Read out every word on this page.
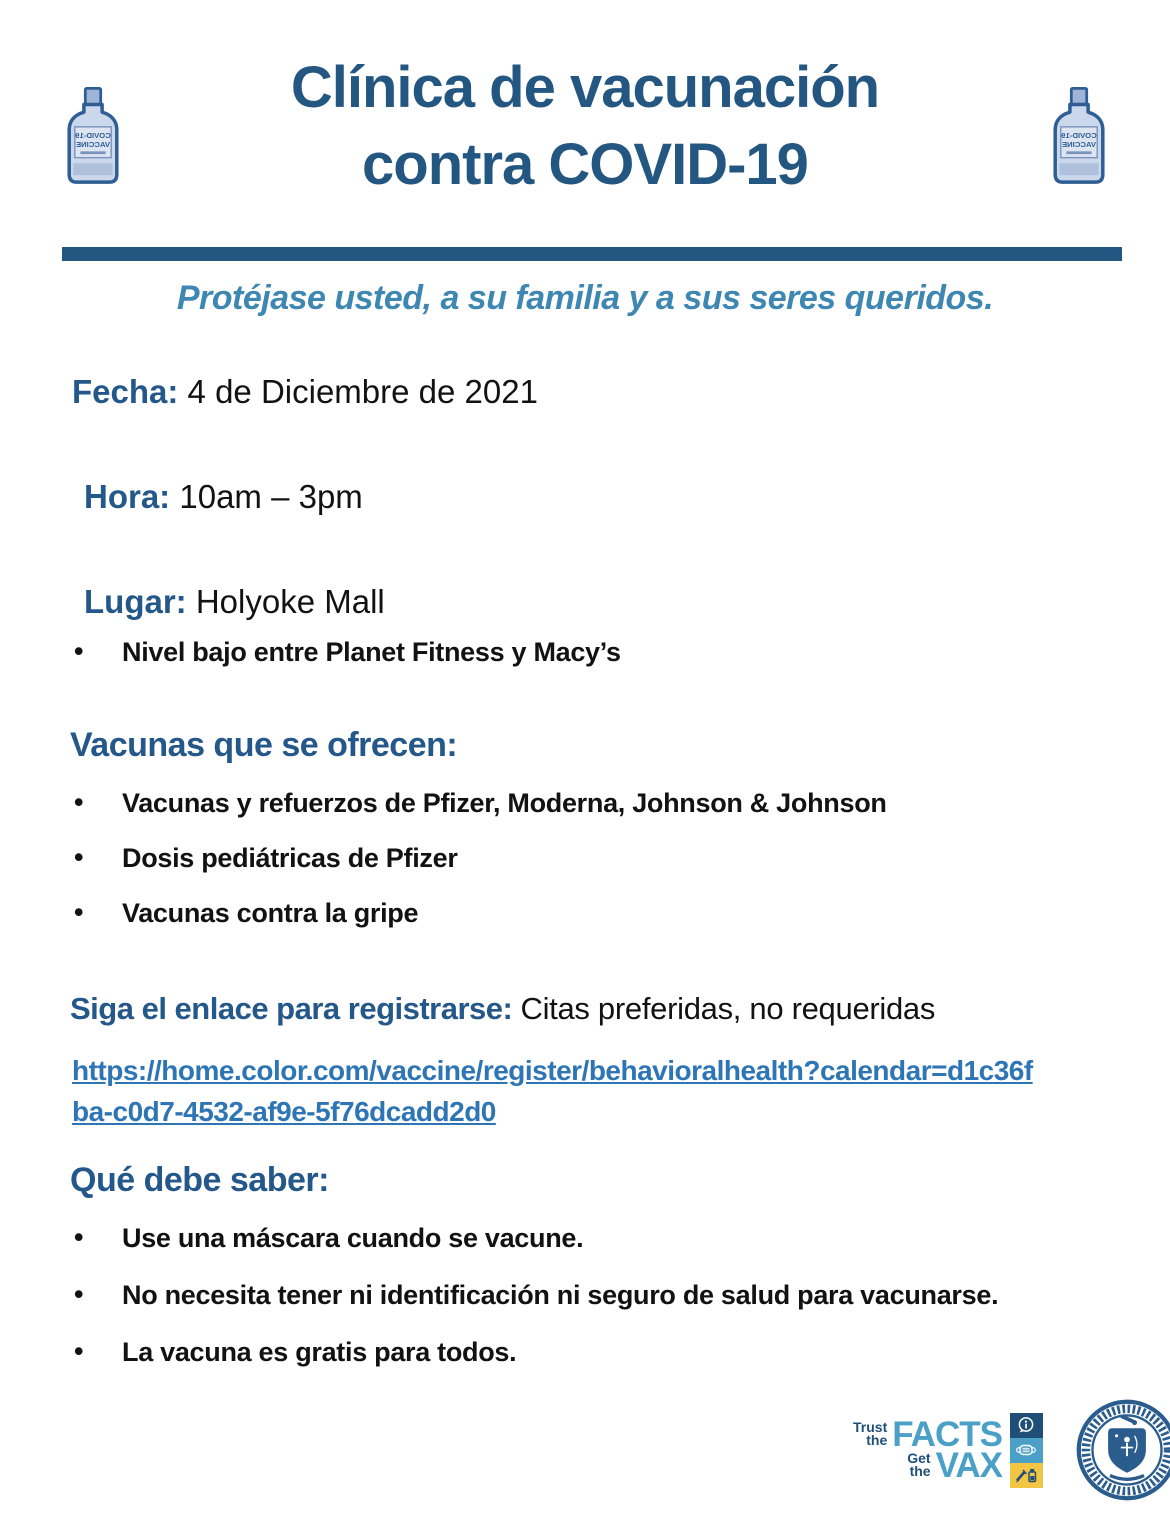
COVID-19
VACCINE
COVID-19
VACCINE
Clínica de vacunación
contra COVID-19

Protéjase usted, a su familia y a sus seres queridos.

Fecha: 4 de Diciembre de 2021

Hora: 10am – 3pm

Lugar: Holyoke Mall

• Nivel bajo entre Planet Fitness y Macy’s
Vacunas que se ofrecen:
• Vacunas y refuerzos de Pfizer, Moderna, Johnson & Johnson
• Dosis pediátricas de Pfizer
• Vacunas contra la gripe
Siga el enlace para registrarse: Citas preferidas, no requeridas
https://home.color.com/vaccine/register/behavioralhealth?calendar=d1c36f
ba-c0d7-4532-af9e-5f76dcadd2d0
Qué debe saber:
• Use una máscara cuando se vacune.
• No necesita tener ni identificación ni seguro de salud para vacunarse.
• La vacuna es gratis para todos.
Trust
the FACTS
Get
the VAX
